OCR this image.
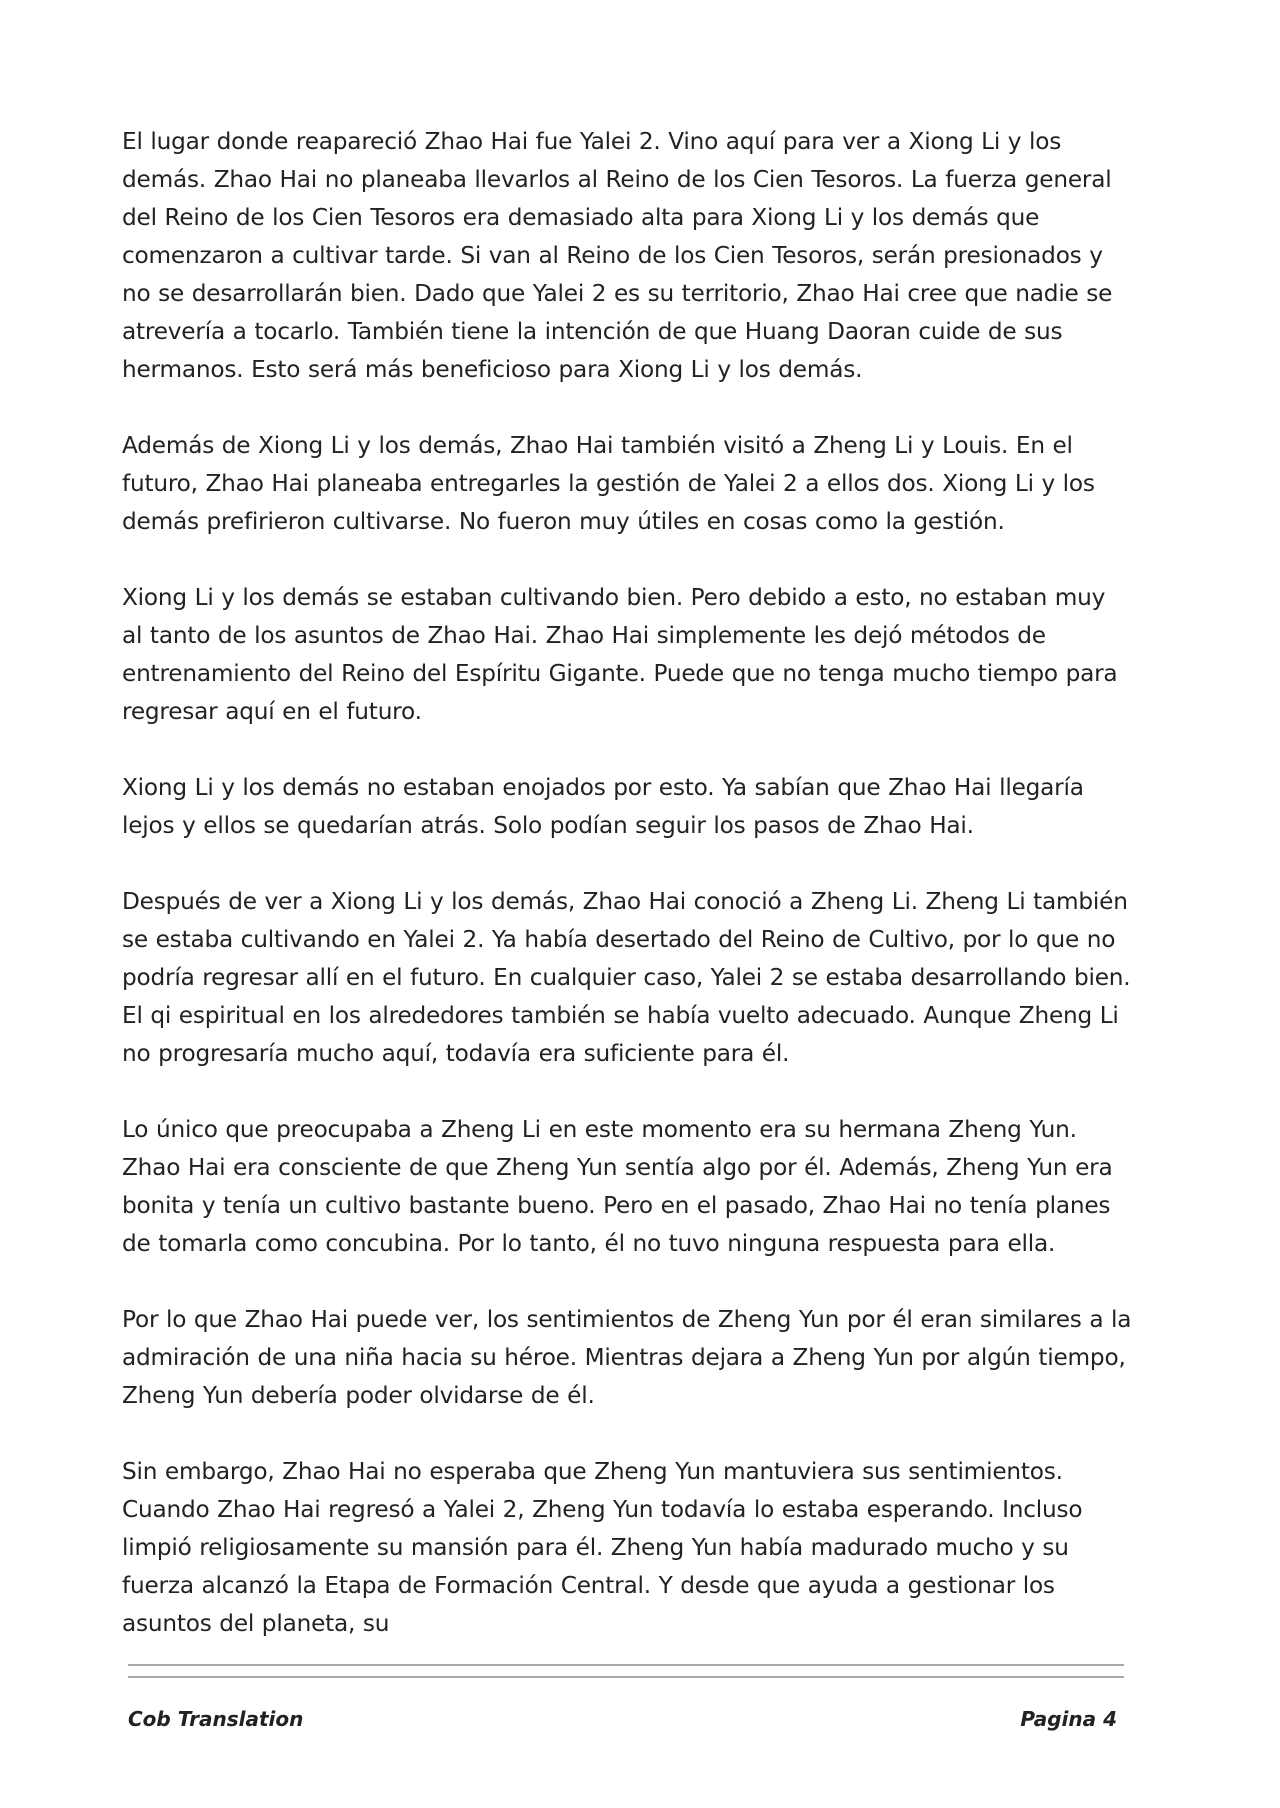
El lugar donde reapareció Zhao Hai fue Yalei 2. Vino aquí para ver a Xiong Li y los demás. Zhao Hai no planeaba llevarlos al Reino de los Cien Tesoros. La fuerza general del Reino de los Cien Tesoros era demasiado alta para Xiong Li y los demás que comenzaron a cultivar tarde. Si van al Reino de los Cien Tesoros, serán presionados y no se desarrollarán bien. Dado que Yalei 2 es su territorio, Zhao Hai cree que nadie se atrevería a tocarlo. También tiene la intención de que Huang Daoran cuide de sus hermanos. Esto será más beneficioso para Xiong Li y los demás.

Además de Xiong Li y los demás, Zhao Hai también visitó a Zheng Li y Louis. En el futuro, Zhao Hai planeaba entregarles la gestión de Yalei 2 a ellos dos. Xiong Li y los demás prefirieron cultivarse. No fueron muy útiles en cosas como la gestión.

Xiong Li y los demás se estaban cultivando bien. Pero debido a esto, no estaban muy al tanto de los asuntos de Zhao Hai. Zhao Hai simplemente les dejó métodos de entrenamiento del Reino del Espíritu Gigante. Puede que no tenga mucho tiempo para regresar aquí en el futuro.

Xiong Li y los demás no estaban enojados por esto. Ya sabían que Zhao Hai llegaría lejos y ellos se quedarían atrás. Solo podían seguir los pasos de Zhao Hai.

Después de ver a Xiong Li y los demás, Zhao Hai conoció a Zheng Li. Zheng Li también se estaba cultivando en Yalei 2. Ya había desertado del Reino de Cultivo, por lo que no podría regresar allí en el futuro. En cualquier caso, Yalei 2 se estaba desarrollando bien. El qi espiritual en los alrededores también se había vuelto adecuado. Aunque Zheng Li no progresaría mucho aquí, todavía era suficiente para él.

Lo único que preocupaba a Zheng Li en este momento era su hermana Zheng Yun. Zhao Hai era consciente de que Zheng Yun sentía algo por él. Además, Zheng Yun era bonita y tenía un cultivo bastante bueno. Pero en el pasado, Zhao Hai no tenía planes de tomarla como concubina. Por lo tanto, él no tuvo ninguna respuesta para ella.

Por lo que Zhao Hai puede ver, los sentimientos de Zheng Yun por él eran similares a la admiración de una niña hacia su héroe. Mientras dejara a Zheng Yun por algún tiempo, Zheng Yun debería poder olvidarse de él.

Sin embargo, Zhao Hai no esperaba que Zheng Yun mantuviera sus sentimientos. Cuando Zhao Hai regresó a Yalei 2, Zheng Yun todavía lo estaba esperando. Incluso limpió religiosamente su mansión para él. Zheng Yun había madurado mucho y su fuerza alcanzó la Etapa de Formación Central. Y desde que ayuda a gestionar los asuntos del planeta, su

Cob Translation	Pagina 4
